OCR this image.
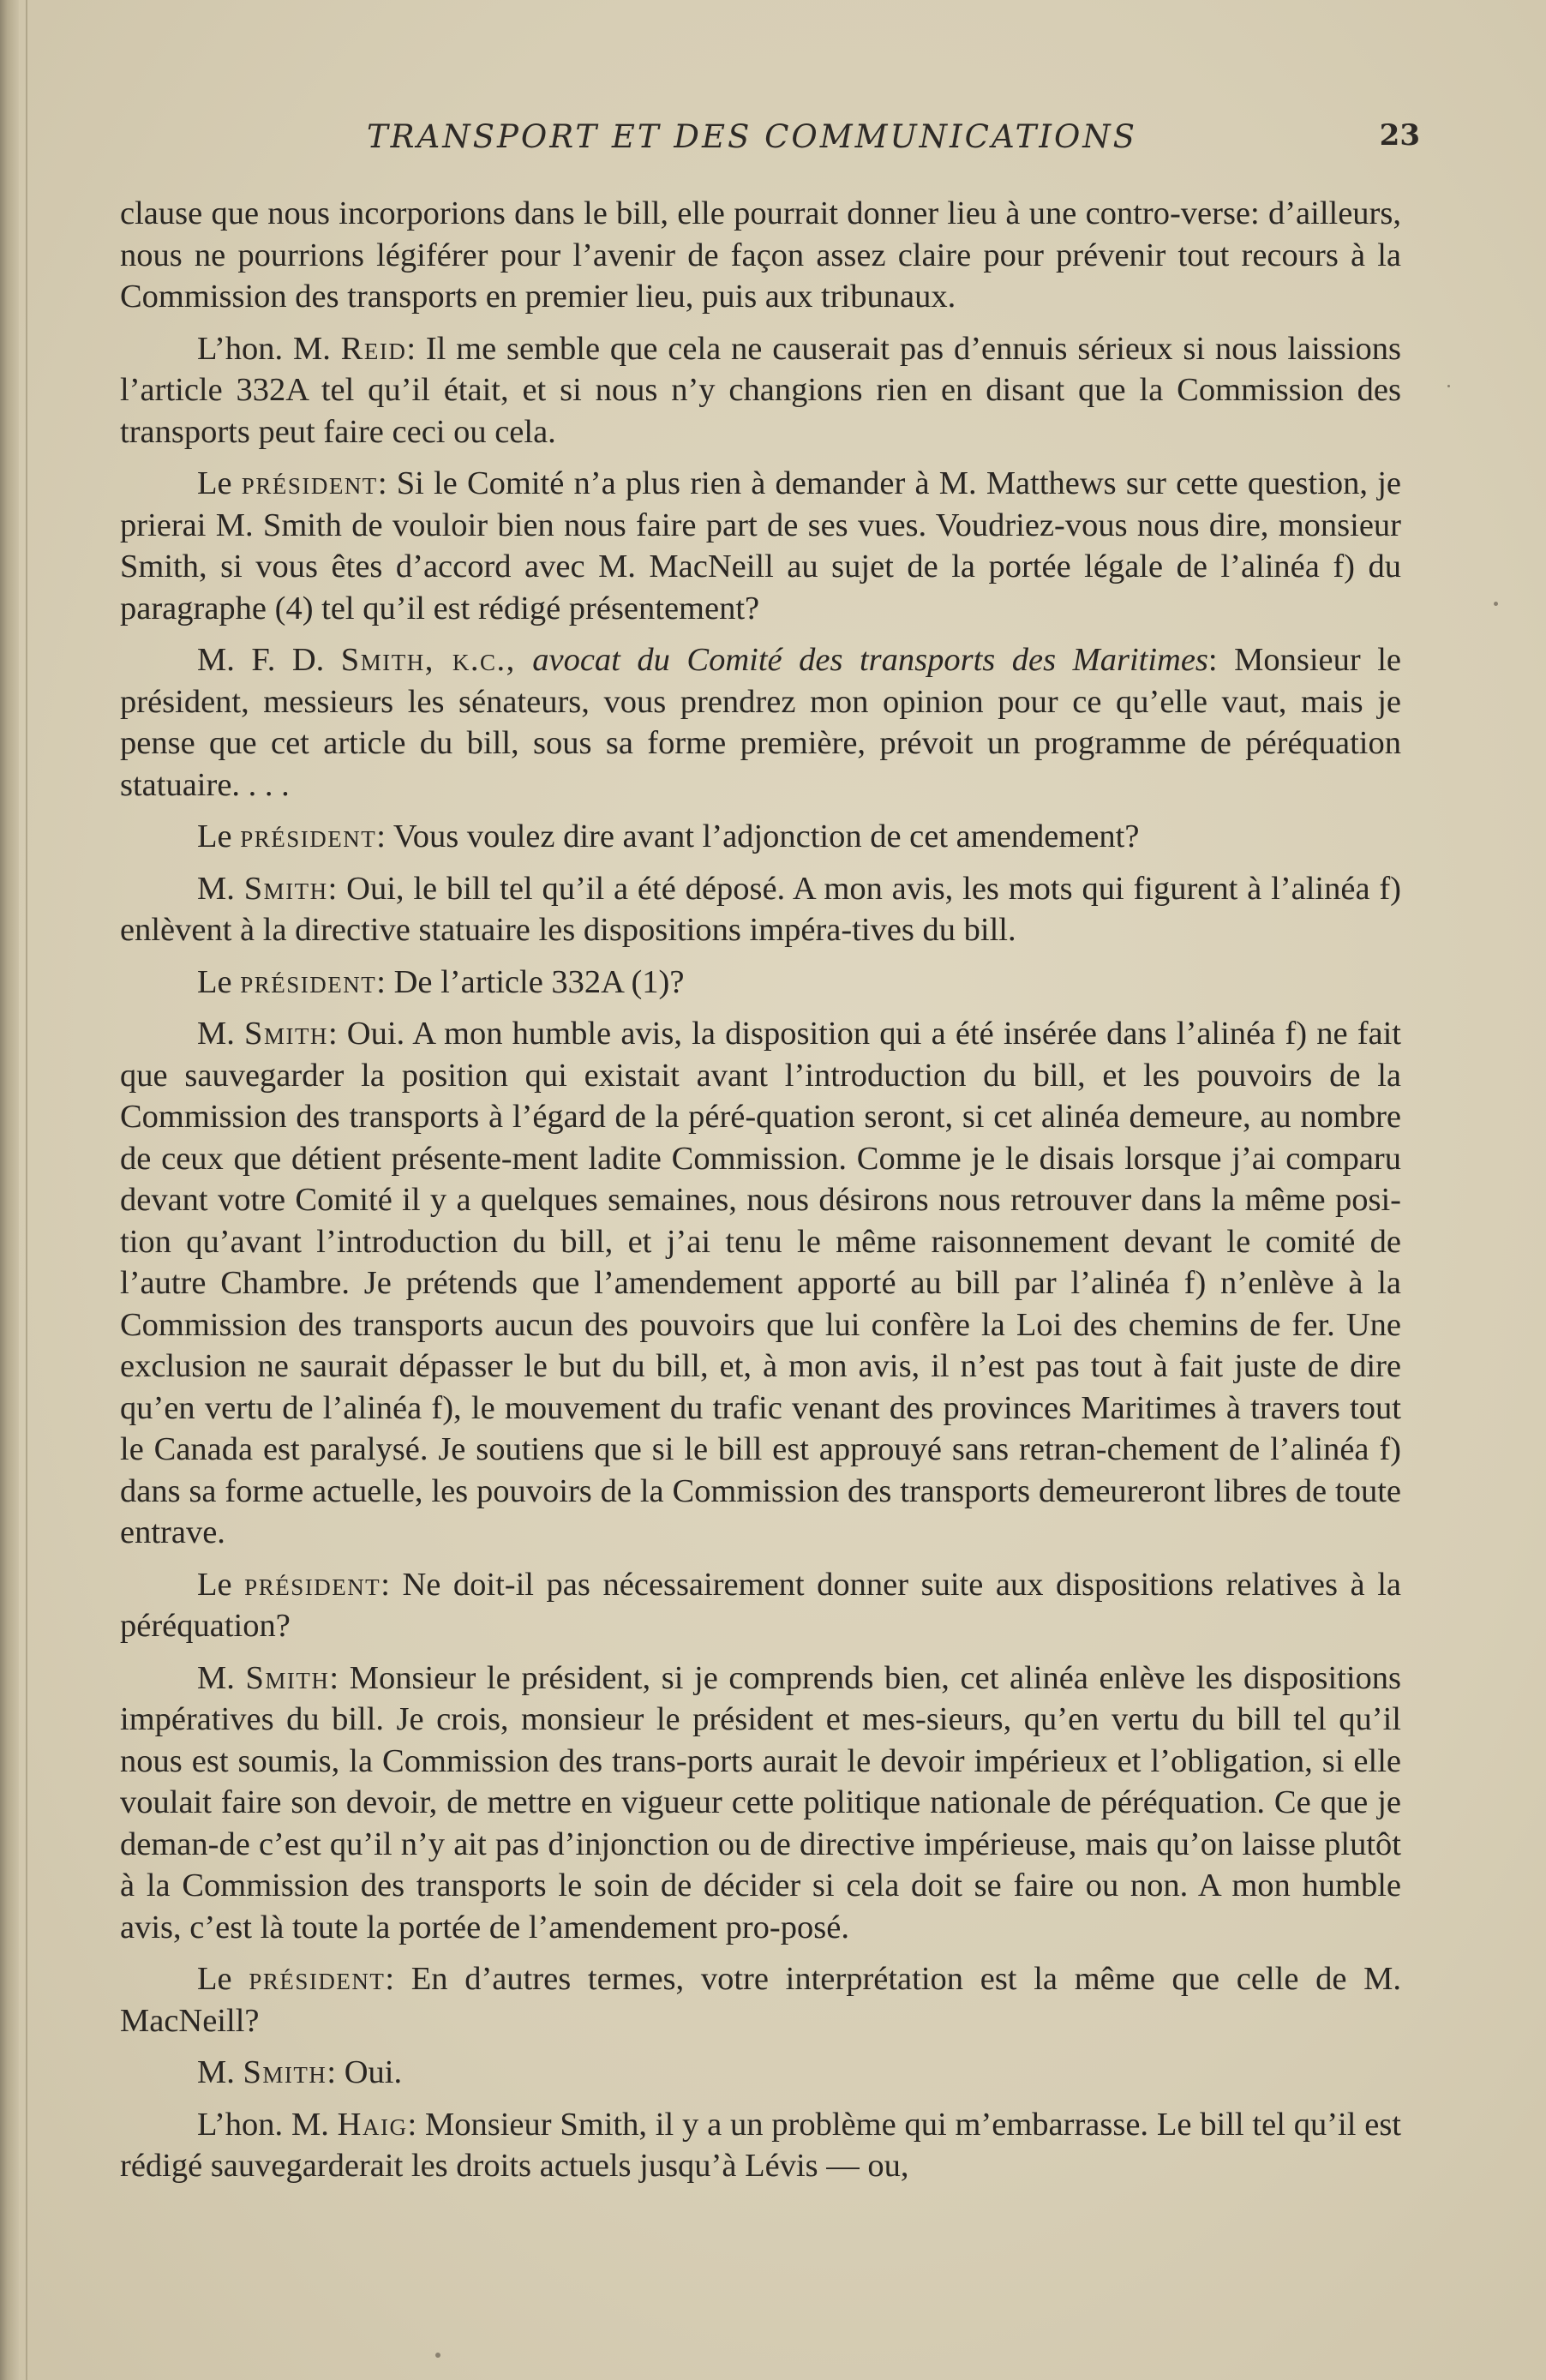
TRANSPORT ET DES COMMUNICATIONS	23

clause que nous incorporions dans le bill, elle pourrait donner lieu à une contro-verse: d’ailleurs, nous ne pourrions légiférer pour l’avenir de façon assez claire pour prévenir tout recours à la Commission des transports en premier lieu, puis aux tribunaux.

L’hon. M. Reid: Il me semble que cela ne causerait pas d’ennuis sérieux si nous laissions l’article 332A tel qu’il était, et si nous n’y changions rien en disant que la Commission des transports peut faire ceci ou cela.

Le président: Si le Comité n’a plus rien à demander à M. Matthews sur cette question, je prierai M. Smith de vouloir bien nous faire part de ses vues. Voudriez-vous nous dire, monsieur Smith, si vous êtes d’accord avec M. MacNeill au sujet de la portée légale de l’alinéa f) du paragraphe (4) tel qu’il est rédigé présentement?

M. F. D. Smith, k.c., avocat du Comité des transports des Maritimes: Monsieur le président, messieurs les sénateurs, vous prendrez mon opinion pour ce qu’elle vaut, mais je pense que cet article du bill, sous sa forme première, prévoit un programme de péréquation statuaire. . . .

Le président: Vous voulez dire avant l’adjonction de cet amendement?

M. Smith: Oui, le bill tel qu’il a été déposé. A mon avis, les mots qui figurent à l’alinéa f) enlèvent à la directive statuaire les dispositions impéra-tives du bill.

Le président: De l’article 332A (1)?

M. Smith: Oui. A mon humble avis, la disposition qui a été insérée dans l’alinéa f) ne fait que sauvegarder la position qui existait avant l’introduction du bill, et les pouvoirs de la Commission des transports à l’égard de la péré-quation seront, si cet alinéa demeure, au nombre de ceux que détient présente-ment ladite Commission. Comme je le disais lorsque j’ai comparu devant votre Comité il y a quelques semaines, nous désirons nous retrouver dans la même posi-tion qu’avant l’introduction du bill, et j’ai tenu le même raisonnement devant le comité de l’autre Chambre. Je prétends que l’amendement apporté au bill par l’alinéa f) n’enlève à la Commission des transports aucun des pouvoirs que lui confère la Loi des chemins de fer. Une exclusion ne saurait dépasser le but du bill, et, à mon avis, il n’est pas tout à fait juste de dire qu’en vertu de l’alinéa f), le mouvement du trafic venant des provinces Maritimes à travers tout le Canada est paralysé. Je soutiens que si le bill est approuyé sans retran-chement de l’alinéa f) dans sa forme actuelle, les pouvoirs de la Commission des transports demeureront libres de toute entrave.

Le président: Ne doit-il pas nécessairement donner suite aux dispositions relatives à la péréquation?

M. Smith: Monsieur le président, si je comprends bien, cet alinéa enlève les dispositions impératives du bill. Je crois, monsieur le président et mes-sieurs, qu’en vertu du bill tel qu’il nous est soumis, la Commission des trans-ports aurait le devoir impérieux et l’obligation, si elle voulait faire son devoir, de mettre en vigueur cette politique nationale de péréquation. Ce que je deman-de c’est qu’il n’y ait pas d’injonction ou de directive impérieuse, mais qu’on laisse plutôt à la Commission des transports le soin de décider si cela doit se faire ou non. A mon humble avis, c’est là toute la portée de l’amendement pro-posé.

Le président: En d’autres termes, votre interprétation est la même que celle de M. MacNeill?

M. Smith: Oui.

L’hon. M. Haig: Monsieur Smith, il y a un problème qui m’embarrasse. Le bill tel qu’il est rédigé sauvegarderait les droits actuels jusqu’à Lévis — ou,
